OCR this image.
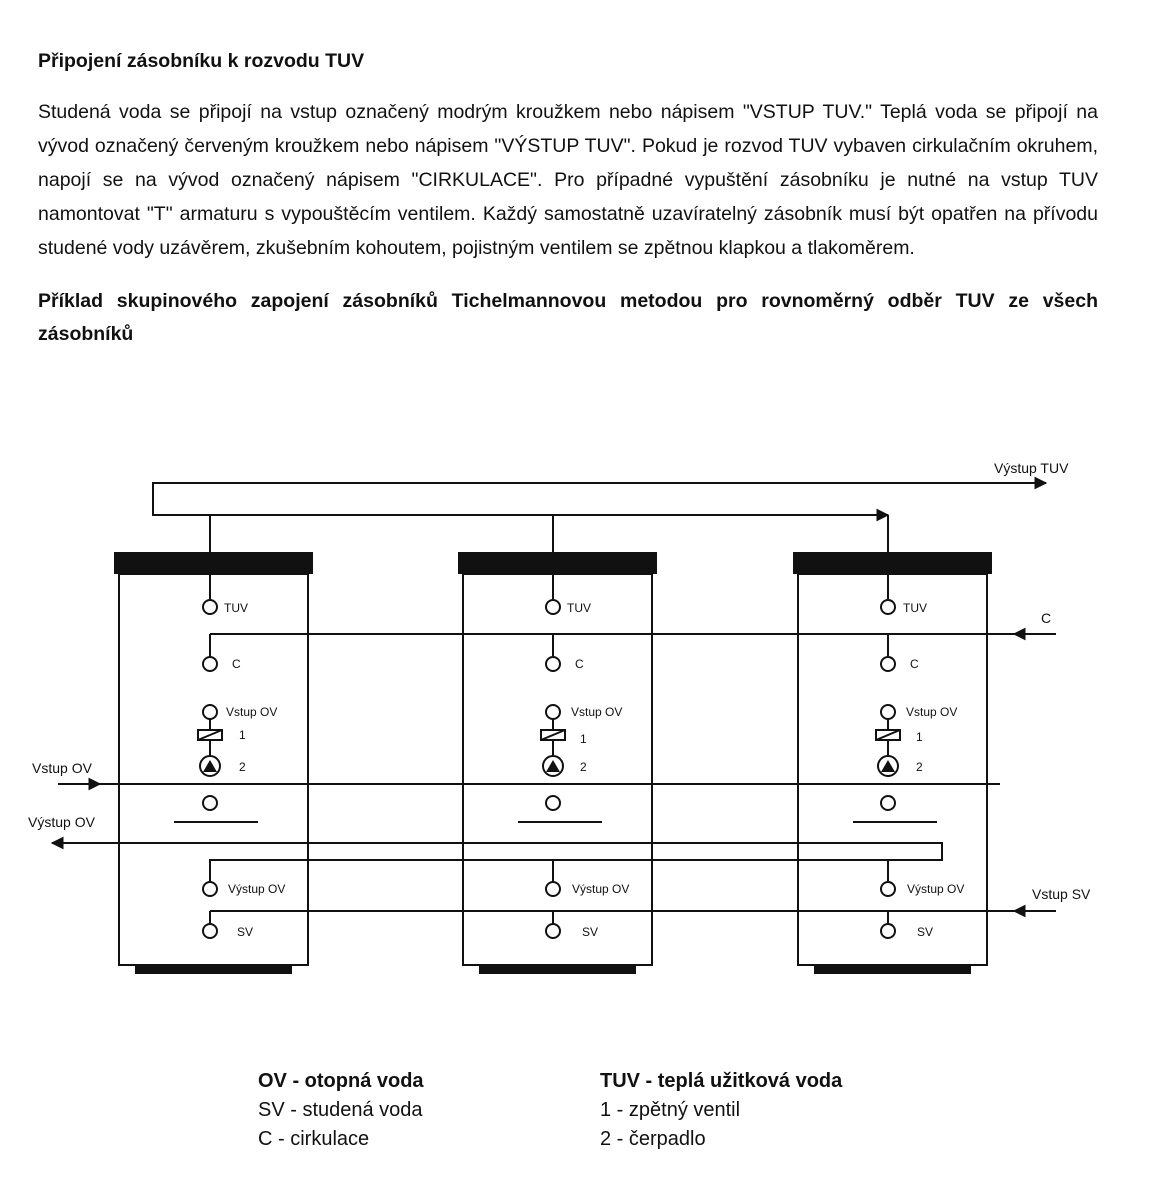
Připojení zásobníku k rozvodu TUV

Studená voda se připojí na vstup označený modrým kroužkem nebo nápisem "VSTUP TUV." Teplá voda se připojí na vývod označený červeným kroužkem nebo nápisem "VÝSTUP TUV". Pokud je rozvod TUV vybaven cirkulačním okruhem, napojí se na vývod označený nápisem "CIRKULACE". Pro případné vypuštění zásobníku je nutné na vstup TUV namontovat "T" armaturu s vypouštěcím ventilem. Každý samostatně uzavíratelný zásobník musí být opatřen na přívodu studené vody uzávěrem, zkušebním kohoutem, pojistným ventilem se zpětnou klapkou a tlakoměrem.

Příklad skupinového zapojení zásobníků Tichelmannovou metodou pro rovnoměrný odběr TUV ze všech zásobníků

TUV
C
Vstup OV
1
2
Výstup OV
SV
TUV
C
Vstup OV
1
2
Výstup OV
SV
TUV
C
Vstup OV
1
2
Výstup OV
SV
Výstup TUV
C
Vstup OV
Výstup OV
Vstup SV
OV - otopná voda
SV - studená voda
C - cirkulace
TUV - teplá užitková voda
1 - zpětný ventil
2 - čerpadlo
